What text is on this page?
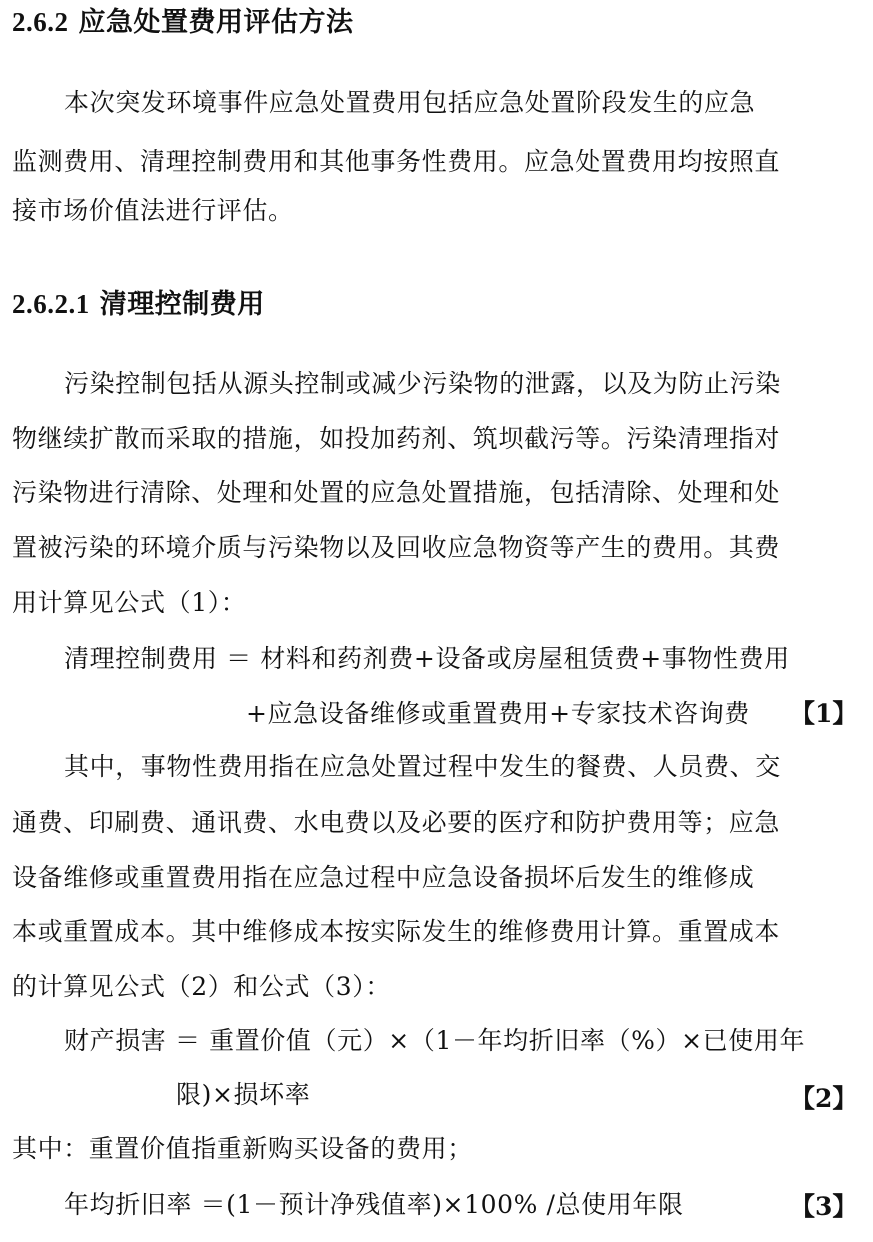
2.6.2 应急处置费用评估方法
本次突发环境事件应急处置费用包括应急处置阶段发生的应急
监测费用、清理控制费用和其他事务性费用。应急处置费用均按照直
接市场价值法进行评估。
2.6.2.1 清理控制费用
污染控制包括从源头控制或减少污染物的泄露，以及为防止污染
物继续扩散而采取的措施，如投加药剂、筑坝截污等。污染清理指对
污染物进行清除、处理和处置的应急处置措施，包括清除、处理和处
置被污染的环境介质与污染物以及回收应急物资等产生的费用。其费
用计算见公式（1）：
清理控制费用 ＝ 材料和药剂费+设备或房屋租赁费+事物性费用
+应急设备维修或重置费用+专家技术咨询费 【1】
其中，事物性费用指在应急处置过程中发生的餐费、人员费、交
通费、印刷费、通讯费、水电费以及必要的医疗和防护费用等；应急
设备维修或重置费用指在应急过程中应急设备损坏后发生的维修成
本或重置成本。其中维修成本按实际发生的维修费用计算。重置成本
的计算见公式（2）和公式（3）：
财产损害 ＝ 重置价值（元）×（1－年均折旧率（%）×已使用年
限)×损坏率	【2】
其中：重置价值指重新购买设备的费用；
年均折旧率 ＝(1－预计净残值率)×100% /总使用年限	【3】
